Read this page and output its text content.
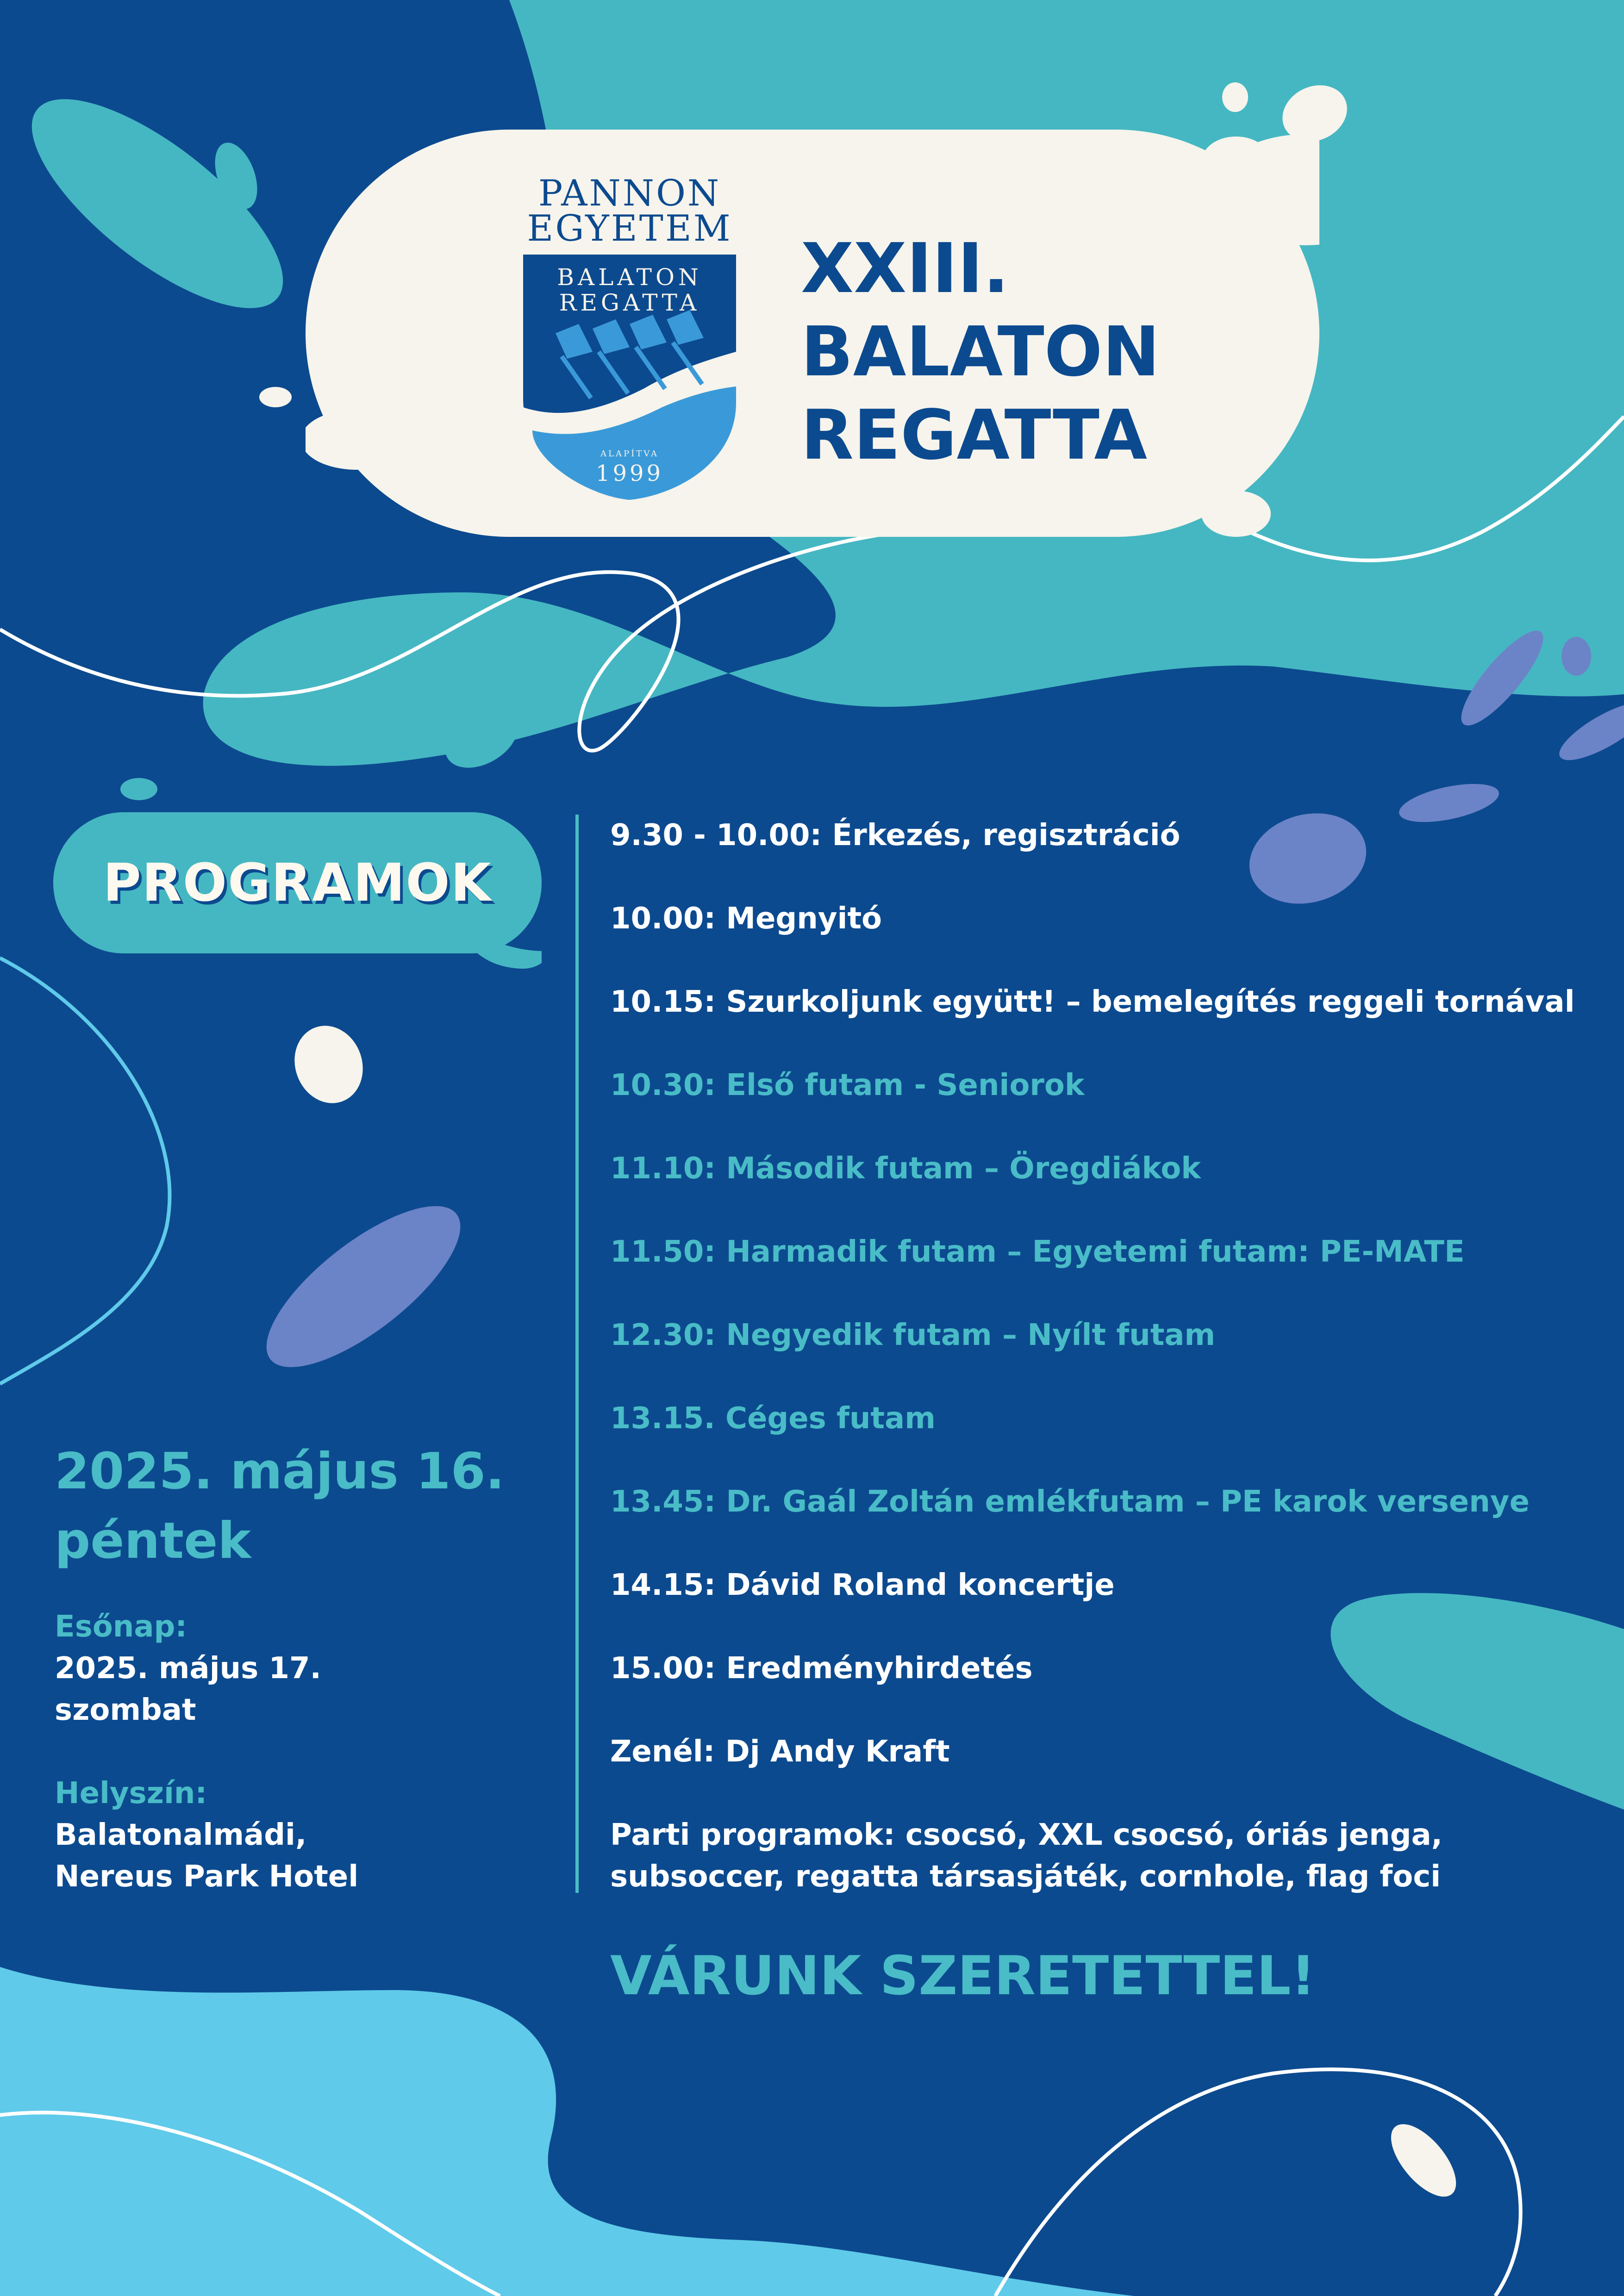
PANNON
EGYETEM
BALATON
REGATTA
ALAPÍTVA
1999
XXIII.
BALATON
REGATTA
PROGRAMOK
2025. május 16.
péntek
Esőnap:
2025. május 17.
szombat
Helyszín:
Balatonalmádi,
Nereus Park Hotel
9.30 - 10.00: Érkezés, regisztráció
10.00: Megnyitó
10.15: Szurkoljunk együtt! – bemelegítés reggeli tornával
10.30: Első futam - Seniorok
11.10: Második futam – Öregdiákok
11.50: Harmadik futam – Egyetemi futam: PE-MATE
12.30: Negyedik futam – Nyílt futam
13.15. Céges futam
13.45: Dr. Gaál Zoltán emlékfutam – PE karok versenye
14.15: Dávid Roland koncertje
15.00: Eredményhirdetés
Zenél: Dj Andy Kraft
Parti programok: csocsó, XXL csocsó, óriás jenga, subsoccer, regatta társasjáték, cornhole, flag foci
VÁRUNK SZERETETTEL!
